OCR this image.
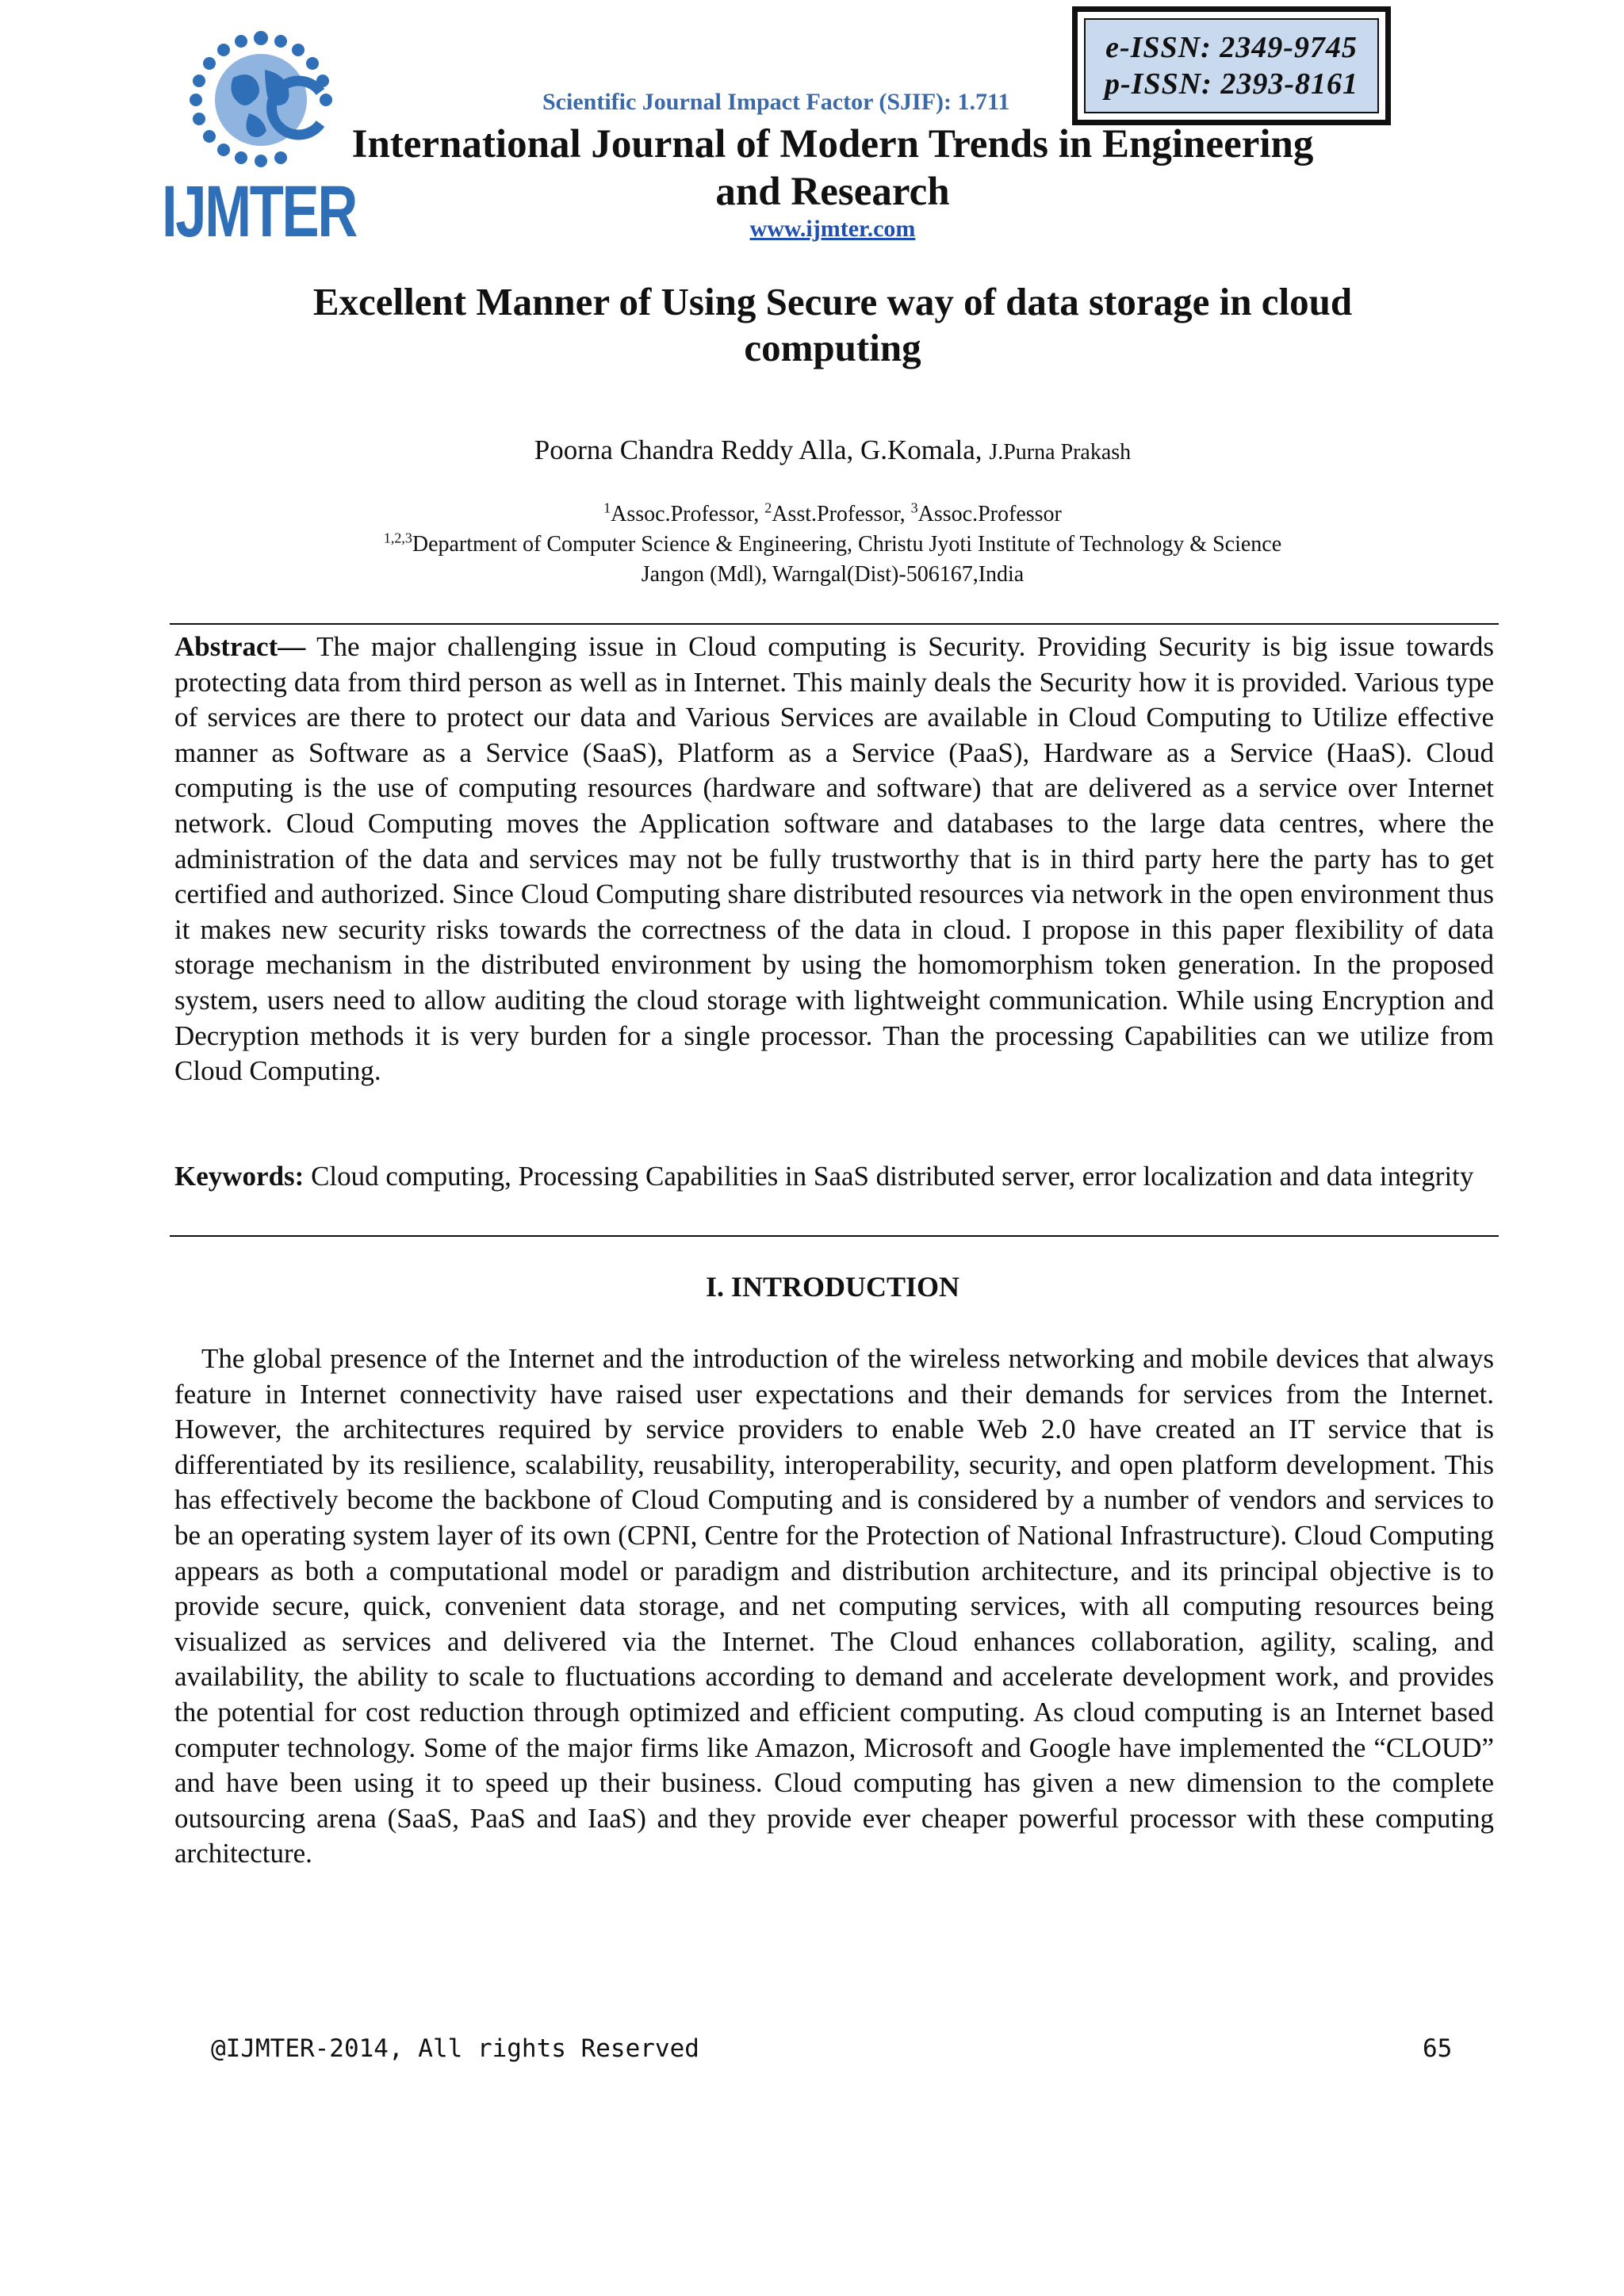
IJMTER
e-ISSN: 2349-9745
p-ISSN: 2393-8161
Scientific Journal Impact Factor (SJIF): 1.711
International Journal of Modern Trends in Engineering and Research
www.ijmter.com
Excellent Manner of Using Secure way of data storage in cloud computing
Poorna Chandra Reddy Alla, G.Komala, J.Purna Prakash
$^1$Assoc.Professor, $^2$Asst.Professor, $^3$Assoc.Professor
$^{1,2,3}$Department of Computer Science & Engineering, Christu Jyoti Institute of Technology & Science
Jangon (Mdl), Warngal(Dist)-506167,India
Abstract— The major challenging issue in Cloud computing is Security. Providing Security is big issue towards protecting data from third person as well as in Internet. This mainly deals the Security how it is provided. Various type of services are there to protect our data and Various Services are available in Cloud Computing to Utilize effective manner as Software as a Service (SaaS), Platform as a Service (PaaS), Hardware as a Service (HaaS). Cloud computing is the use of computing resources (hardware and software) that are delivered as a service over Internet network. Cloud Computing moves the Application software and databases to the large data centres, where the administration of the data and services may not be fully trustworthy that is in third party here the party has to get certified and authorized. Since Cloud Computing share distributed resources via network in the open environment thus it makes new security risks towards the correctness of the data in cloud. I propose in this paper flexibility of data storage mechanism in the distributed environment by using the homomorphism token generation. In the proposed system, users need to allow auditing the cloud storage with lightweight communication. While using Encryption and Decryption methods it is very burden for a single processor. Than the processing Capabilities can we utilize from Cloud Computing.
Keywords: Cloud computing, Processing Capabilities in SaaS distributed server, error localization and data integrity
I. INTRODUCTION
The global presence of the Internet and the introduction of the wireless networking and mobile devices that always feature in Internet connectivity have raised user expectations and their demands for services from the Internet. However, the architectures required by service providers to enable Web 2.0 have created an IT service that is differentiated by its resilience, scalability, reusability, interoperability, security, and open platform development. This has effectively become the backbone of Cloud Computing and is considered by a number of vendors and services to be an operating system layer of its own (CPNI, Centre for the Protection of National Infrastructure). Cloud Computing appears as both a computational model or paradigm and distribution architecture, and its principal objective is to provide secure, quick, convenient data storage, and net computing services, with all computing resources being visualized as services and delivered via the Internet. The Cloud enhances collaboration, agility, scaling, and availability, the ability to scale to fluctuations according to demand and accelerate development work, and provides the potential for cost reduction through optimized and efficient computing. As cloud computing is an Internet based computer technology. Some of the major firms like Amazon, Microsoft and Google have implemented the “CLOUD” and have been using it to speed up their business. Cloud computing has given a new dimension to the complete outsourcing arena (SaaS, PaaS and IaaS) and they provide ever cheaper powerful processor with these computing architecture.
@IJMTER-2014, All rights Reserved	65
